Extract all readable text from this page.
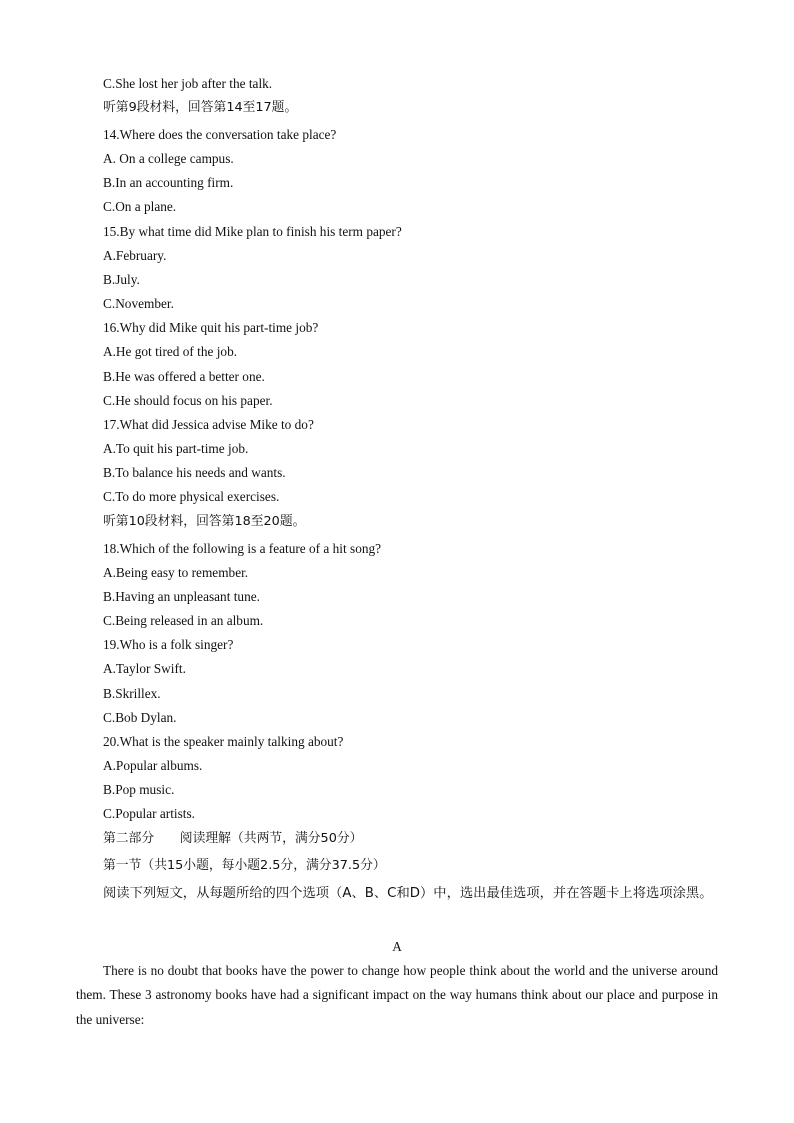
C.She lost her job after the talk.
听第9段材料，回答第14至17题。
14.Where does the conversation take place?
A. On a college campus.
B.In an accounting firm.
C.On a plane.
15.By what time did Mike plan to finish his term paper?
A.February.
B.July.
C.November.
16.Why did Mike quit his part-time job?
A.He got tired of the job.
B.He was offered a better one.
C.He should focus on his paper.
17.What did Jessica advise Mike to do?
A.To quit his part-time job.
B.To balance his needs and wants.
C.To do more physical exercises.
听第10段材料，回答第18至20题。
18.Which of the following is a feature of a hit song?
A.Being easy to remember.
B.Having an unpleasant tune.
C.Being released in an album.
19.Who is a folk singer?
A.Taylor Swift.
B.Skrillex.
C.Bob Dylan.
20.What is the speaker mainly talking about?
A.Popular albums.
B.Pop music.
C.Popular artists.
第二部分　　阅读理解（共两节，满分50分）
第一节（共15小题，每小题2.5分，满分37.5分）
阅读下列短文，从每题所给的四个选项（A、B、C和D）中，选出最佳选项，并在答题卡上将选项涂黑。
A
There is no doubt that books have the power to change how people think about the world and the universe around them. These 3 astronomy books have had a significant impact on the way humans think about our place and purpose in the universe:
